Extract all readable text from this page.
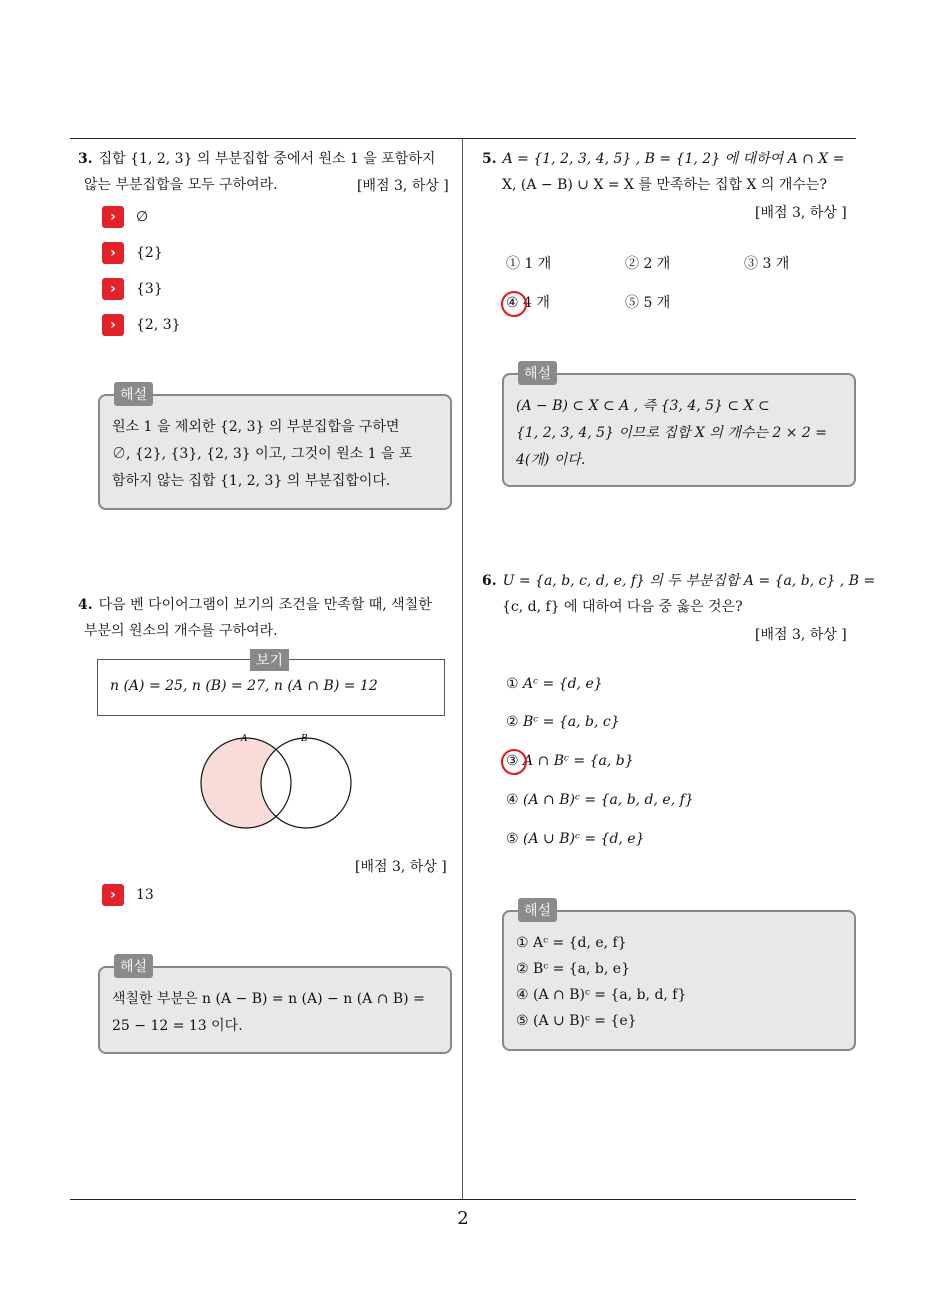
2
3. 집합 {1, 2, 3} 의 부분집합 중에서 원소 1 을 포함하지
않는 부분집합을 모두 구하여라.	[배점 3, 하상 ]
›	∅
›	{2}
›	{3}
›	{2, 3}
해설
원소 1 을 제외한 {2, 3} 의 부분집합을 구하면
∅, {2}, {3}, {2, 3} 이고, 그것이 원소 1 을 포
함하지 않는 집합 {1, 2, 3} 의 부분집합이다.
4. 다음 벤 다이어그램이 보기의 조건을 만족할 때, 색칠한
부분의 원소의 개수를 구하여라.
보기
n (A) = 25, n (B) = 27, n (A ∩ B) = 12
A	B
[배점 3, 하상 ]
›	13
해설
색칠한 부분은 n (A − B) = n (A) − n (A ∩ B) =
25 − 12 = 13 이다.
5. A = {1, 2, 3, 4, 5} , B = {1, 2} 에 대하여 A ∩ X =
X, (A − B) ∪ X = X 를 만족하는 집합 X 의 개수는?
[배점 3, 하상 ]
① 1 개	② 2 개	③ 3 개
④ 4 개	⑤ 5 개
해설
(A − B) ⊂ X ⊂ A , 즉 {3, 4, 5} ⊂ X ⊂
{1, 2, 3, 4, 5} 이므로 집합 X 의 개수는 2 × 2 =
4(개) 이다.
6. U = {a, b, c, d, e, f} 의 두 부분집합 A = {a, b, c} , B =
{c, d, f} 에 대하여 다음 중 옳은 것은?
[배점 3, 하상 ]
① Aᶜ = {d, e}
② Bᶜ = {a, b, c}
③ A ∩ Bᶜ = {a, b}
④ (A ∩ B)ᶜ = {a, b, d, e, f}
⑤ (A ∪ B)ᶜ = {d, e}
해설
① Aᶜ = {d, e, f}
② Bᶜ = {a, b, e}
④ (A ∩ B)ᶜ = {a, b, d, f}
⑤ (A ∪ B)ᶜ = {e}
